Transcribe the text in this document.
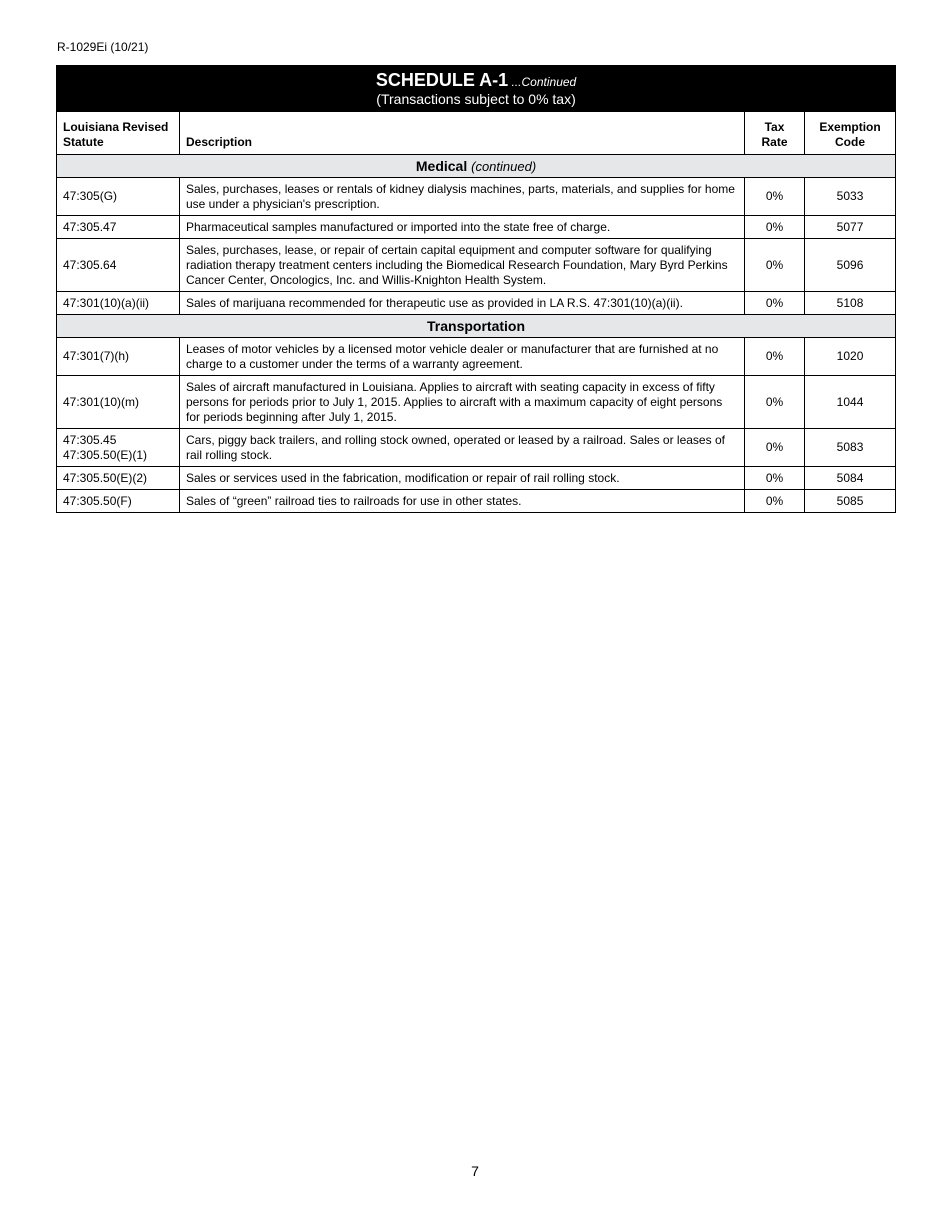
R-1029Ei (10/21)
SCHEDULE A-1 ...Continued
(Transactions subject to 0% tax)			

Louisiana Revised Statute	Description	Tax Rate	Exemption Code
Medical (continued)			
47:305(G)	Sales, purchases, leases or rentals of kidney dialysis machines, parts, materials, and supplies for home use under a physician's prescription.	0%	5033
47:305.47	Pharmaceutical samples manufactured or imported into the state free of charge.	0%	5077
47:305.64	Sales, purchases, lease, or repair of certain capital equipment and computer software for qualifying radiation therapy treatment centers including the Biomedical Research Foundation, Mary Byrd Perkins Cancer Center, Oncologics, Inc. and Willis-Knighton Health System.	0%	5096
47:301(10)(a)(ii)	Sales of marijuana recommended for therapeutic use as provided in LA R.S. 47:301(10)(a)(ii).	0%	5108
Transportation			
47:301(7)(h)	Leases of motor vehicles by a licensed motor vehicle dealer or manufacturer that are furnished at no charge to a customer under the terms of a warranty agreement.	0%	1020
47:301(10)(m)	Sales of aircraft manufactured in Louisiana. Applies to aircraft with seating capacity in excess of fifty persons for periods prior to July 1, 2015. Applies to aircraft with a maximum capacity of eight persons for periods beginning after July 1, 2015.	0%	1044
47:305.45
47:305.50(E)(1)	Cars, piggy back trailers, and rolling stock owned, operated or leased by a railroad. Sales or leases of rail rolling stock.	0%	5083
47:305.50(E)(2)	Sales or services used in the fabrication, modification or repair of rail rolling stock.	0%	5084
47:305.50(F)	Sales of “green” railroad ties to railroads for use in other states.	0%	5085
7
